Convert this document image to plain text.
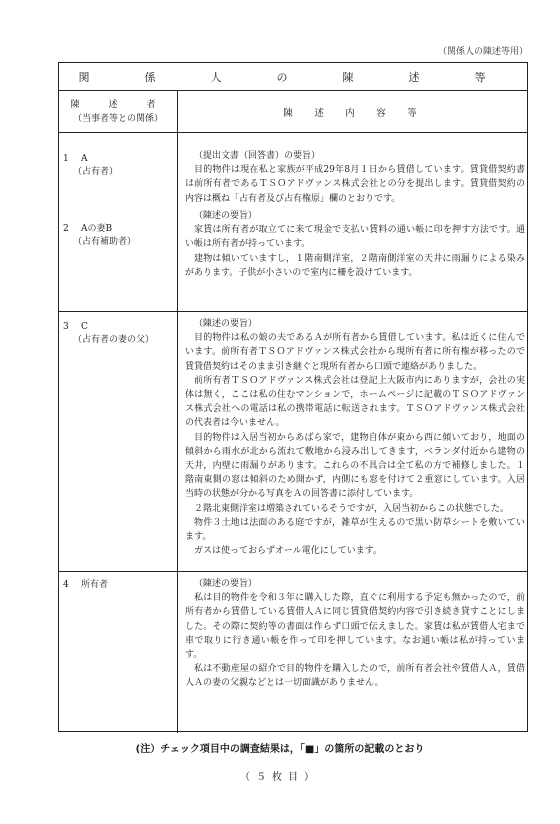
（関係人の陳述等用）
関　係　人　の　陳　述　等
陳　述　者
（当事者等との関係）	陳　述　内　容　等
1 A
（占有者）
（提出文書（回答書）の要旨）

目的物件は現在私と家族が平成29年8月１日から賃借しています。賃貸借契約書は前所有者であるＴＳＯアドヴァンス株式会社との分を提出します。賃貸借契約の内容は概ね「占有者及び占有権原」欄のとおりです。

2 Aの妻B
（占有補助者）
（陳述の要旨）

家賃は所有者が取立てに来て現金で支払い賃料の通い帳に印を押す方法です。通い帳は所有者が持っています。

建物は傾いていますし，１階南側洋室，２階南側洋室の天井に雨漏りによる染みがあります。子供が小さいので室内に柵を設けています。

3 C
（占有者の妻の父）
（陳述の要旨）

目的物件は私の娘の夫であるＡが所有者から賃借しています。私は近くに住んでいます。前所有者ＴＳＯアドヴァンス株式会社から現所有者に所有権が移ったので賃貸借契約はそのまま引き継ぐと現所有者から口頭で連絡がありました。

前所有者ＴＳＯアドヴァンス株式会社は登記上大阪市内にありますが，会社の実体は無く，ここは私の住むマンションで，ホームページに記載のＴＳＯアドヴァンス株式会社への電話は私の携帯電話に転送されます。ＴＳＯアドヴァンス株式会社の代表者は今いません。

目的物件は入居当初からあばら家で，建物自体が東から西に傾いており，地面の傾斜から雨水が北から流れて敷地から浸み出してきます，ベランダ付近から建物の天井，内壁に雨漏りがあります。これらの不具合は全て私の方で補修しました。１階南東側の窓は傾斜のため開かず，内側にも窓を付けて２重窓にしています。入居当時の状態が分かる写真をＡの回答書に添付しています。

２階北東側洋室は増築されているそうですが，入居当初からこの状態でした。

物件３土地は法面のある庭ですが，雑草が生えるので黒い防草シートを敷いています。

ガスは使っておらずオール電化にしています。

4 所有者	（陳述の要旨）

私は目的物件を令和３年に購入した際，直ぐに利用する予定も無かったので，前所有者から賃借している賃借人Ａに同じ賃貸借契約内容で引き続き貸すことにしました。その際に契約等の書面は作らず口頭で伝えました。家賃は私が賃借人宅まで車で取りに行き通い帳を作って印を押しています。なお通い帳は私が持っています。

私は不動産屋の紹介で目的物件を購入したので，前所有者会社や賃借人Ａ，賃借人Ａの妻の父親などとは一切面識がありません。

(注）チェック項目中の調査結果は，「■」の箇所の記載のとおり
（５枚目）
